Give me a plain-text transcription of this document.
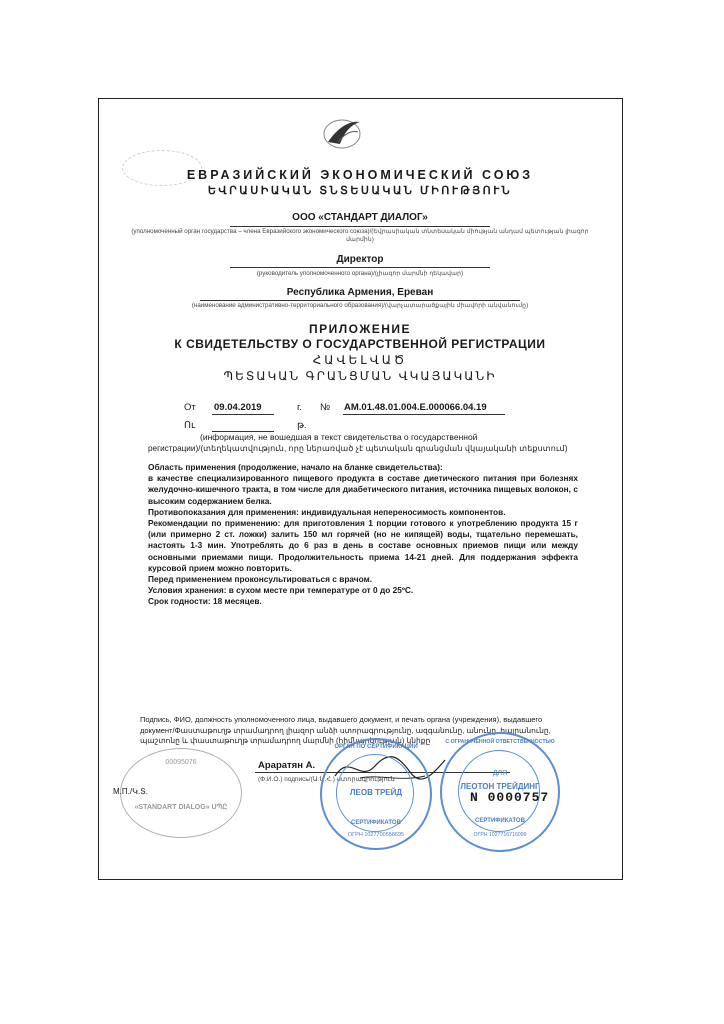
ЕВРАЗИЙСКИЙ ЭКОНОМИЧЕСКИЙ СОЮЗ
ԵՎՐԱՍԻԱԿԱՆ ՏՆՏԵՍԱԿԱՆ ՄԻՈՒԹՅՈՒՆ
ООО «СТАНДАРТ ДИАЛОГ»
(уполномоченный орган государства – члена Евразийского экономического союза)/(Եվրասիական տնտեսական միության անդամ պետության լիազոր մարմին)
Директор
(руководитель уполномоченного органа)/(լիազոր մարմնի ղեկավար)
Республика Армения, Ереван
(наименование административно-территориального образования)/(վարչատարածքային միավորի անվանումը)
ПРИЛОЖЕНИЕ
К СВИДЕТЕЛЬСТВУ О ГОСУДАРСТВЕННОЙ РЕГИСТРАЦИИ
ՀԱՎԵԼՎԱԾ
ՊԵՏԱԿԱՆ ԳՐԱՆՑՄԱՆ ՎԿԱՅԱԿԱՆԻ
От 09.04.2019	г. № AM.01.48.01.004.E.000066.04.19
Ու	թ.
(информация, не вошедшая в текст свидетельства о государственной
регистрации)/(տեղեկատվություն, որը ներառված չէ պետական գրանցման վկայականի տեքստում)

Область применения (продолжение, начало на бланке свидетельства):

в качестве специализированного пищевого продукта в составе диетического питания при болезнях желудочно-кишечного тракта, в том числе для диабетического питания, источника пищевых волокон, с высоким содержанием белка.

Противопоказания для применения: индивидуальная непереносимость компонентов.

Рекомендации по применению: для приготовления 1 порции готового к употреблению продукта 15 г (или примерно 2 ст. ложки) залить 150 мл горячей (но не кипящей) воды, тщательно перемешать, настоять 1-3 мин. Употреблять до 6 раз в день в составе основных приемов пищи или между основными приемами пищи. Продолжительность приема 14-21 дней. Для поддержания эффекта курсовой прием можно повторить.

Перед применением проконсультироваться с врачом.

Условия хранения: в сухом месте при температуре от 0 до 25ºС.

Срок годности: 18 месяцев.

Подпись, ФИО, должность уполномоченного лица, выдавшего документ, и печать органа (учреждения), выдавшего документ/Փաստաթուղթ տրամադրող լիազոր անձի ստորագրությունը, ազգանունը, անունը, հայրանունը, պաշտոնը և փաստաթուղթ տրամադրող մարմնի (հիմնարկության) կնիքը
00095076
«STANDART DIALOG» ՍՊԸ
М.П./Կ.Տ.
Араратян А.
(Ф.И.О.) подпись/(Ա.Ա.Հ.) ստորագրություն
ОРГАН ПО СЕРТИФИКАЦИИ
ЛЕОВ ТРЕЙД
СЕРТИФИКАТОВ
ОГРН 1027700558695
С ОГРАНИЧЕННОЙ ОТВЕТСТВЕННОСТЬЮ
ДЛЯ
ЛЕОТОН ТРЕЙДИНГ
СЕРТИФИКАТОВ
ОГРН 1027716716099
N 0000757
